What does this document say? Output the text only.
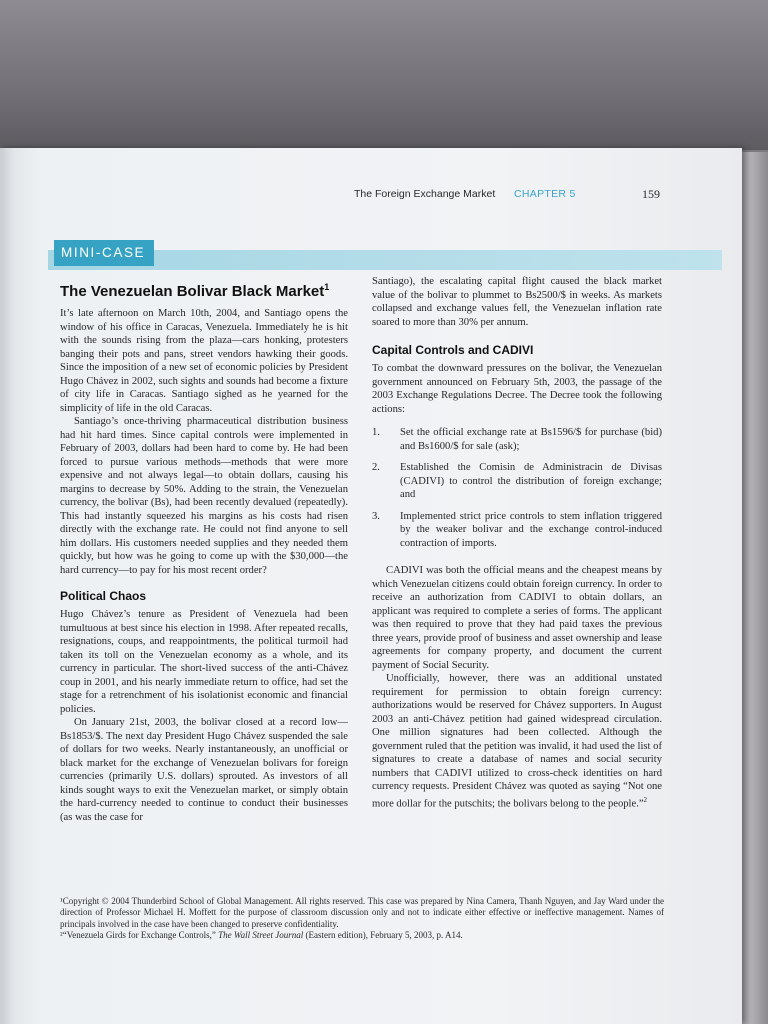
The Foreign Exchange Market CHAPTER 5	159
MINI-CASE
The Venezuelan Bolivar Black Market$^1$

It’s late afternoon on March 10th, 2004, and Santiago opens the window of his office in Caracas, Venezuela. Immediately he is hit with the sounds rising from the plaza—cars honking, protesters banging their pots and pans, street vendors hawking their goods. Since the imposition of a new set of economic policies by President Hugo Chávez in 2002, such sights and sounds had become a fixture of city life in Caracas. Santiago sighed as he yearned for the simplicity of life in the old Caracas.

Santiago’s once-thriving pharmaceutical distribution business had hit hard times. Since capital controls were implemented in February of 2003, dollars had been hard to come by. He had been forced to pursue various methods—methods that were more expensive and not always legal—to obtain dollars, causing his margins to decrease by 50%. Adding to the strain, the Venezuelan currency, the bolivar (Bs), had been recently devalued (repeatedly). This had instantly squeezed his margins as his costs had risen directly with the exchange rate. He could not find anyone to sell him dollars. His customers needed supplies and they needed them quickly, but how was he going to come up with the $30,000—the hard currency—to pay for his most recent order?

Political Chaos

Hugo Chávez’s tenure as President of Venezuela had been tumultuous at best since his election in 1998. After repeated recalls, resignations, coups, and reappointments, the political turmoil had taken its toll on the Venezuelan economy as a whole, and its currency in particular. The short-lived success of the anti-Chávez coup in 2001, and his nearly immediate return to office, had set the stage for a retrenchment of his isolationist economic and financial policies.

On January 21st, 2003, the bolivar closed at a record low—Bs1853/$. The next day President Hugo Chávez suspended the sale of dollars for two weeks. Nearly instantaneously, an unofficial or black market for the exchange of Venezuelan bolivars for foreign currencies (primarily U.S. dollars) sprouted. As investors of all kinds sought ways to exit the Venezuelan market, or simply obtain the hard-currency needed to continue to conduct their businesses (as was the case for

Santiago), the escalating capital flight caused the black market value of the bolivar to plummet to Bs2500/$ in weeks. As markets collapsed and exchange values fell, the Venezuelan inflation rate soared to more than 30% per annum.

Capital Controls and CADIVI

To combat the downward pressures on the bolivar, the Venezuelan government announced on February 5th, 2003, the passage of the 2003 Exchange Regulations Decree. The Decree took the following actions:

1. Set the official exchange rate at Bs1596/$ for purchase (bid) and Bs1600/$ for sale (ask);
2. Established the Comisin de Administracin de Divisas (CADIVI) to control the distribution of foreign exchange; and
3. Implemented strict price controls to stem inflation triggered by the weaker bolivar and the exchange control-induced contraction of imports.

CADIVI was both the official means and the cheapest means by which Venezuelan citizens could obtain foreign currency. In order to receive an authorization from CADIVI to obtain dollars, an applicant was required to complete a series of forms. The applicant was then required to prove that they had paid taxes the previous three years, provide proof of business and asset ownership and lease agreements for company property, and document the current payment of Social Security.

Unofficially, however, there was an additional unstated requirement for permission to obtain foreign currency: authorizations would be reserved for Chávez supporters. In August 2003 an anti-Chávez petition had gained widespread circulation. One million signatures had been collected. Although the government ruled that the petition was invalid, it had used the list of signatures to create a database of names and social security numbers that CADIVI utilized to cross-check identities on hard currency requests. President Chávez was quoted as saying “Not one more dollar for the putschits; the bolivars belong to the people.”$^2$

¹Copyright © 2004 Thunderbird School of Global Management. All rights reserved. This case was prepared by Nina Camera, Thanh Nguyen, and Jay Ward under the direction of Professor Michael H. Moffett for the purpose of classroom discussion only and not to indicate either effective or ineffective management. Names of principals involved in the case have been changed to preserve confidentiality.

²“Venezuela Girds for Exchange Controls,” The Wall Street Journal (Eastern edition), February 5, 2003, p. A14.
